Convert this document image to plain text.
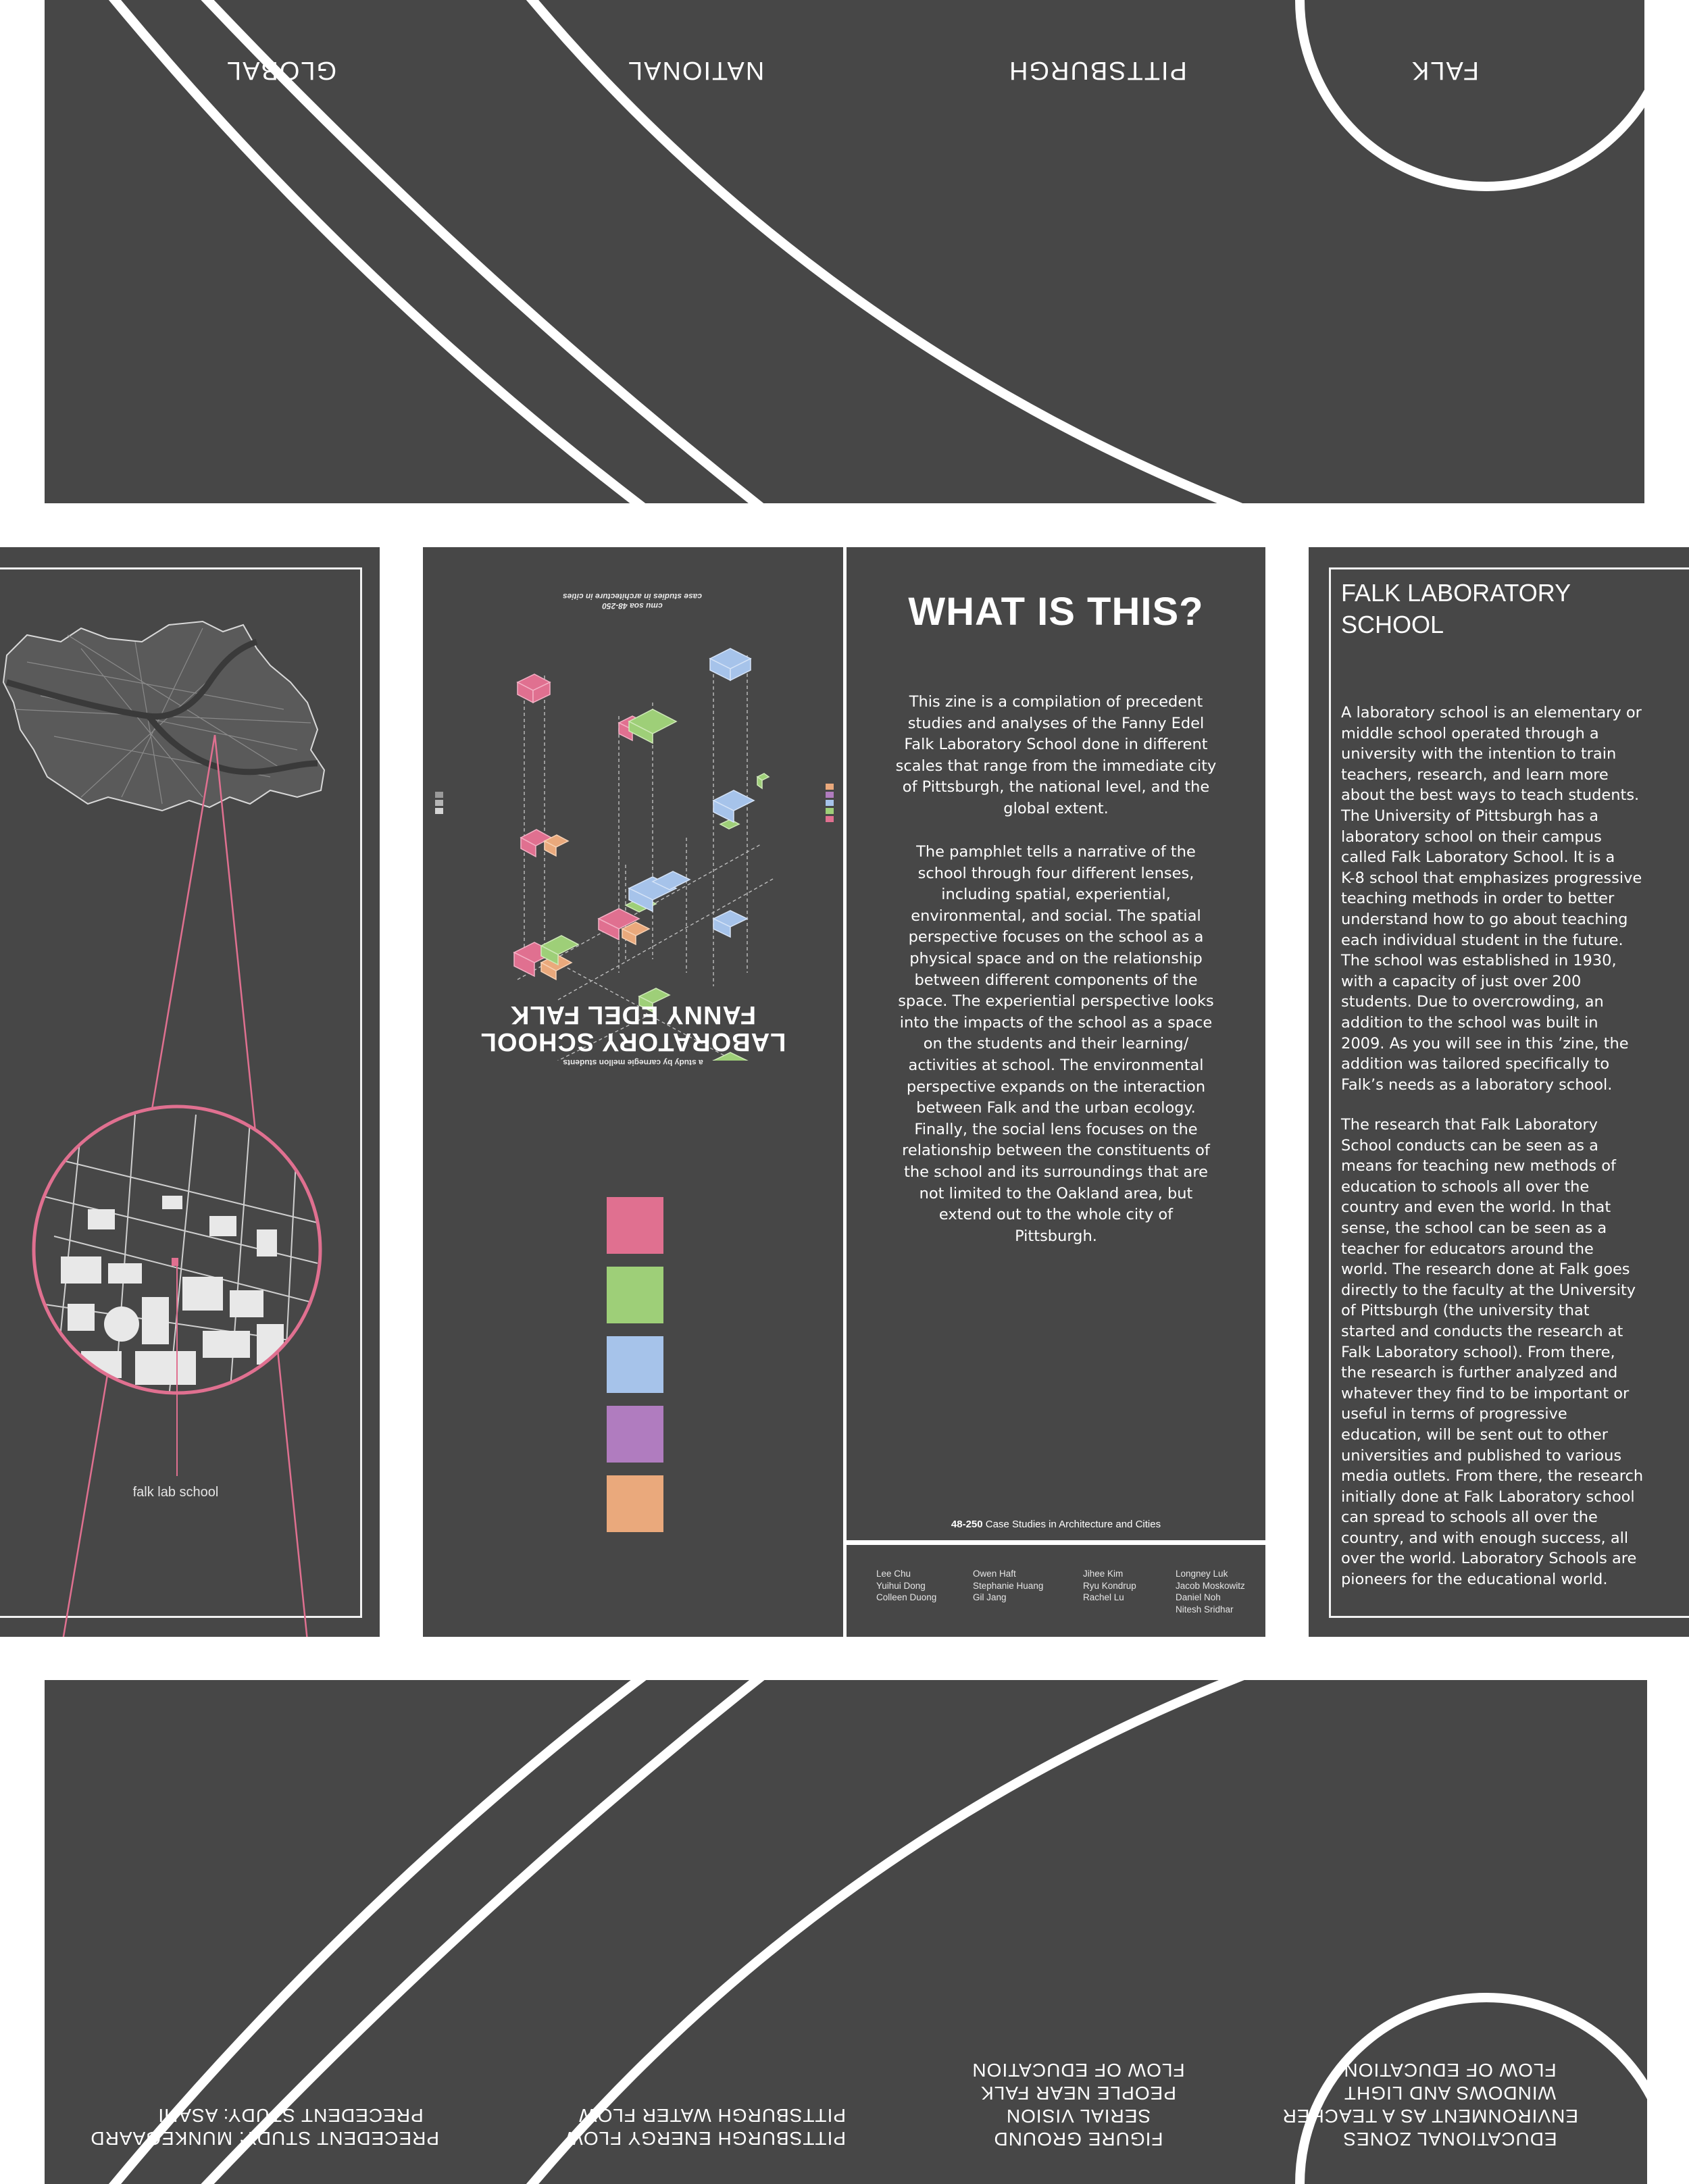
FALK
PITTSBURGH
NATIONAL
GLOBAL
falk lab school
cmu soa 48-250
case studies in architecture in cities
a study by carnegie mellon students
LABORATORY SCHOOL
FANNY EDEL FALK
WHAT IS THIS?
This zine is a compilation of precedent
studies and analyses of the Fanny Edel
Falk Laboratory School done in different
scales that range from the immediate city
of Pittsburgh, the national level, and the
global extent.
The pamphlet tells a narrative of the
school through four different lenses,
including spatial, experiential,
environmental, and social. The spatial
perspective focuses on the school as a
physical space and on the relationship
between different components of the
space. The experiential perspective looks
into the impacts of the school as a space
on the students and their learning/
activities at school. The environmental
perspective expands on the interaction
between Falk and the urban ecology.
Finally, the social lens focuses on the
relationship between the constituents of
the school and its surroundings that are
not limited to the Oakland area, but
extend out to the whole city of
Pittsburgh.
48-250 Case Studies in Architecture and Cities
Lee Chu
Yuihui Dong
Colleen Duong
Owen Haft
Stephanie Huang
Gil Jang
Jihee Kim
Ryu Kondrup
Rachel Lu
Longney Luk
Jacob Moskowitz
Daniel Noh
Nitesh Sridhar
FALK LABORATORY
SCHOOL
A laboratory school is an elementary or
middle school operated through a
university with the intention to train
teachers, research, and learn more
about the best ways to teach students.
The University of Pittsburgh has a
laboratory school on their campus
called Falk Laboratory School. It is a
K-8 school that emphasizes progressive
teaching methods in order to better
understand how to go about teaching
each individual student in the future.
The school was established in 1930,
with a capacity of just over 200
students. Due to overcrowding, an
addition to the school was built in
2009. As you will see in this ’zine, the
addition was tailored specifically to
Falk’s needs as a laboratory school.
The research that Falk Laboratory
School conducts can be seen as a
means for teaching new methods of
education to schools all over the
country and even the world. In that
sense, the school can be seen as a
teacher for educators around the
world. The research done at Falk goes
directly to the faculty at the University
of Pittsburgh (the university that
started and conducts the research at
Falk Laboratory school). From there,
the research is further analyzed and
whatever they find to be important or
useful in terms of progressive
education, will be sent out to other
universities and published to various
media outlets. From there, the research
initially done at Falk Laboratory school
can spread to schools all over the
country, and with enough success, all
over the world. Laboratory Schools are
pioneers for the educational world.
EDUCATIONAL ZONES
ENVIRONMENT AS A TEACHER
WINDOWS AND LIGHT
FLOW OF EDUCATION
FIGURE GROUND
SERIAL VISION
PEOPLE NEAR FALK
FLOW OF EDUCATION
PITTSBURGH ENERGY FLOW
PITTSBURGH WATER FLOW
PRECEDENT STUDY: MUNKEGAARD
PRECEDENT STUDY: ASAHI
